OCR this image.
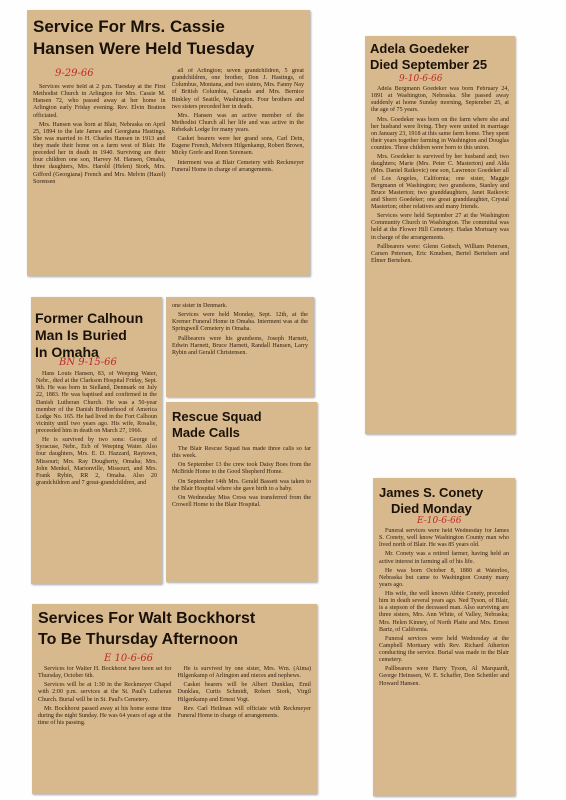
Service For Mrs. Cassie
Hansen Were Held Tuesday
9-29-66

Services were held at 2 p.m. Tuesday at the First Methodist Church in Arlington for Mrs. Cassie M. Hansen 72, who passed away at her home in Arlington early Friday evening. Rev. Elvin Bratton officiated.

Mrs. Hansen was born at Blair, Nebraska on April 25, 1894 to the late James and Georgiana Hastings. She was married to H. Charles Hansen in 1913 and they made their home on a farm west of Blair. He preceded her in death in 1940. Surviving are their four children one son, Harvey M. Hansen, Omaha, three daughters, Mrs. Harold (Helen) Stork, Mrs. Gifford (Georgiana) French and Mrs. Melvin (Hazel) Sorensen

all of Arlington; seven grandchildren, 5 great grandchildren, one brother, Don J. Hastings, of Columbus, Montana, and two sisters, Mrs. Fanny Nay of British Columbia, Canada and Mrs. Bernice Binkley of Seattle, Washington. Four brothers and two sisters preceded her in death.

Mrs. Hansen was an active member of the Methodist Church all her life and was active in the Rebekah Lodge for many years.

Casket bearers were her grand sons, Carl Dein, Eugene French, Melvern Hilgenkamp, Robert Brown, Micky Grefe and Ronn Sorensen.

Interment was at Blair Cemetery with Reckmeyer Funeral Home in charge of arrangements.

Adela Goedeker
Died September 25
9-10-6-66

Adela Bergmann Goedeker was born February 24, 1891 at Washington, Nebraska. She passed away suddenly at home Sunday morning, September 25, at the age of 75 years.

Mrs. Goedeker was born on the farm where she and her husband were living. They were united in marriage on January 23, 1918 at this same farm home. They spent their years together farming in Washington and Douglas counties. Three children were born to this union.

Mrs. Goedeker is survived by her husband and; two daughters; Marie (Mrs. Peter C. Masterton) and Alda (Mrs. Daniel Ratkovic) one son, Lawrence Goedeker all of Los Angeles, California; one sister, Maggie Bergmann of Washington; two grandsons, Stanley and Bruce Masterton; two granddaughters, Janet Ratkovic and Sherri Goedeker; one great granddaughter, Crystal Masterton; other relatives and many friends.

Services were held September 27 at the Washington Community Church in Washington. The committal was held at the Flower Hill Cemetery. Hadan Mortuary was in charge of the arrangements.

Pallbearers were: Glenn Gottsch, William Petersen, Carsen Petersen, Eric Knudsen, Bertel Bertelsen and Elmer Bertelsen.

Former Calhoun
Man Is Buried
In Omaha
BN 9-15-66

Hans Louis Hansen, 83, of Weeping Water, Nebr., died at the Clarkson Hospital Friday, Sept. 9th. He was born in Sielland, Denmark on July 22, 1883. He was baptised and confirmed in the Danish Lutheran Church. He was a 50-year member of the Danish Brotherhood of America Lodge No. 165. He had lived in the Fort Calhoun vicinity until two years ago. His wife, Rosalie, preceeded him in death on March 27, 1966.

He is survived by two sons: George of Syracuse, Nebr., Ecb of Weeping Water. Also four daughters, Mrs. E. D. Hazzard, Raytown, Missouri; Mrs. Ray Dougherty, Omaha; Mrs. John Menkel, Marionville, Missouri, and Mrs. Frank Rybin, RR 2, Omaha. Also 20 grandchildren and 7 great-grandchildren, and

one sister in Denmark.

Services were held Monday, Sept. 12th, at the Kremer Funeral Home in Omaha. Interment was at the Springwell Cemetery in Omaha.

Pallbearers were his grandsons, Joseph Harnett, Edwin Harnett, Bruce Harnett, Randall Hansen, Larry Rybin and Gerald Christensen.

Rescue Squad
Made Calls

The Blair Rescue Squad has made three calls so far this week.

On September 13 the crew took Daisy Boes from the McBride Home to the Good Shepherd Home.

On September 14th Mrs. Gerald Bassett was taken to the Blair Hospital where she gave birth to a baby.

On Wednesday Miss Cross was transferred from the Crowell Home to the Blair Hospital.

James S. Conety
Died Monday
E-10-6-66

Funeral services were held Wednesday for James S. Conety, well know Washington County man who lived north of Blair. He was 85 years old.

Mr. Conety was a retired farmer, having held an active interest in farming all of his life.

He was born October 8, 1880 at Waterloo, Nebraska but came to Washington County many years ago.

His wife, the well known Abbie Conety, preceded him in death several years ago. Ned Tyson, of Blair, is a stepson of the deceased man. Also surviving are three sisters, Mrs. Ann White, of Valley, Nebraska; Mrs. Helen Kinney, of North Platte and Mrs. Ernest Bartz, of California.

Funeral services were held Wednesday at the Campbell Mortuary with Rev. Richard Atherton conducting the service. Burial was made in the Blair cemetery.

Pallbearers were Harry Tyson, Al Marquardt, George Heinssen, W. E. Schaffer, Don Schettler and Howard Hansen.

Services For Walt Bockhorst
To Be Thursday Afternoon
E 10-6-66

Services for Walter H. Bockhorst have been set for Thursday, October 6th.

Services will be at 1:30 in the Reckmeyer Chapel with 2:00 p.m. services at the St. Paul's Lutheran Church. Burial will be in St. Paul's Cemetery.

Mr. Bockhorst passed away at his home some time during the night Sunday. He was 64 years of age at the time of his passing.

He is survived by one sister, Mrs. Wm. (Alma) Hilgenkamp of Arlington and nieces and nephews.

Casket bearers will be Albert Dunklau, Emil Dunklau, Curtis Schmidt, Robert Stork, Virgil Hilgenkamp and Ernest Vogt.

Rev. Carl Heilman will officiate with Reckmeyer Funeral Home in charge of arrangements.
